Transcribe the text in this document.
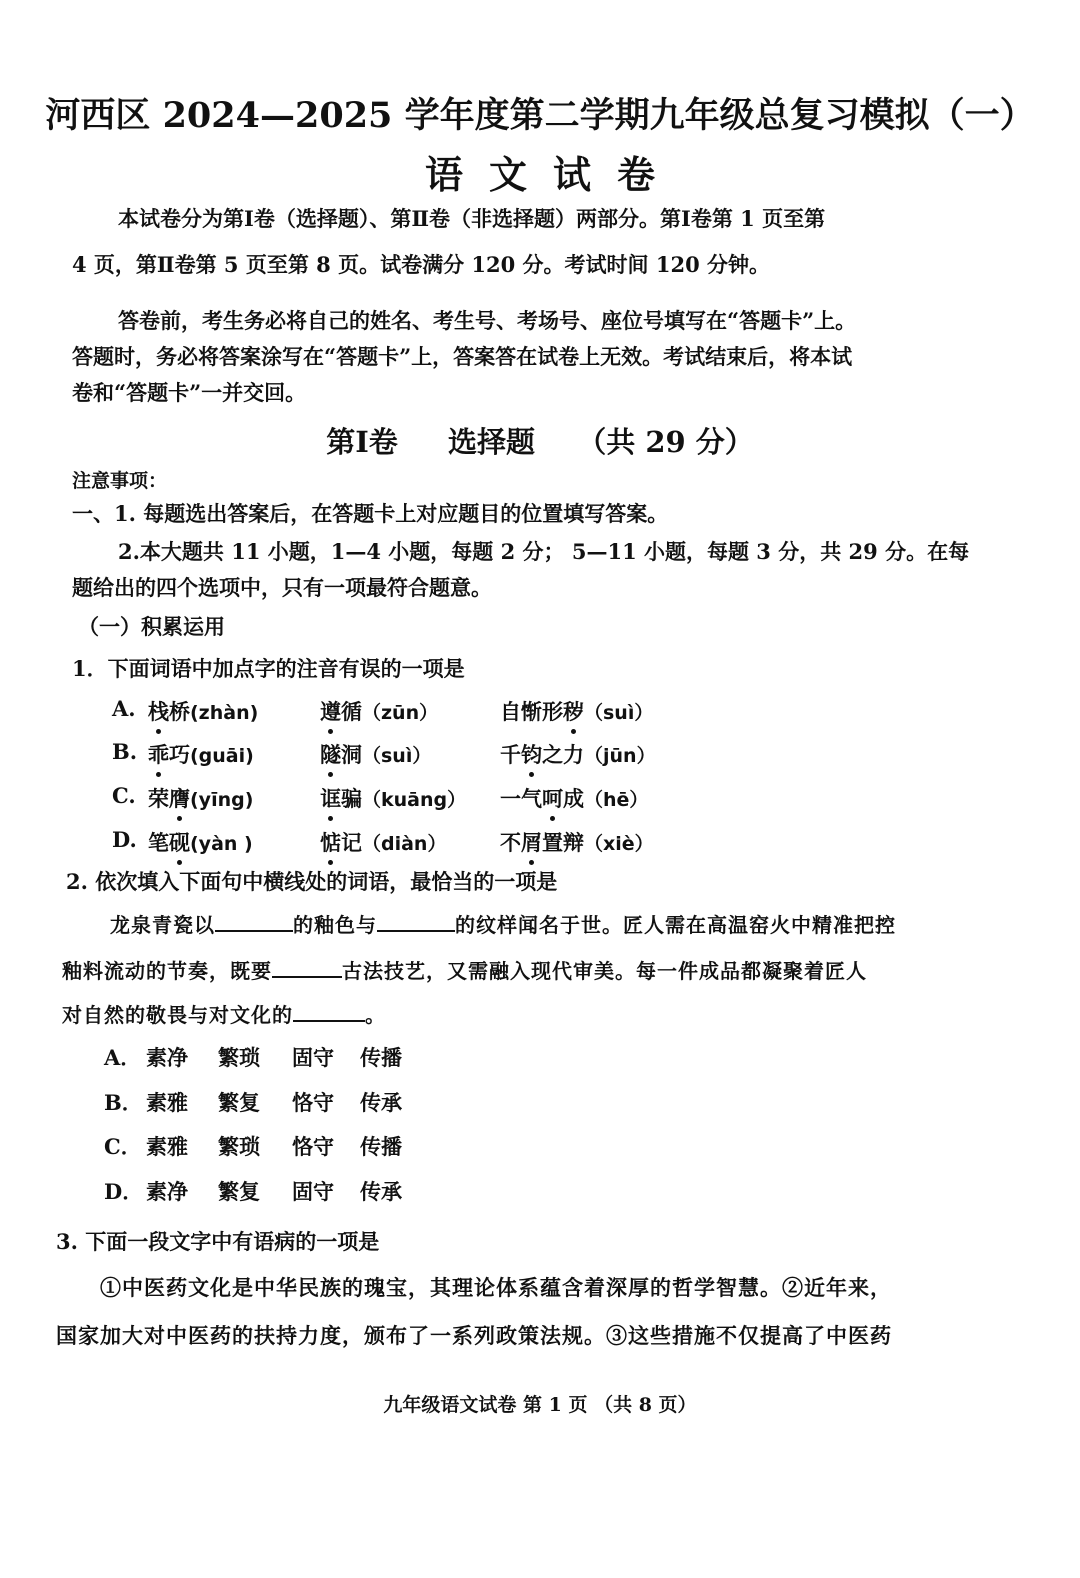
河西区 2024—2025 学年度第二学期九年级总复习模拟（一）
语文试卷
本试卷分为第Ⅰ卷（选择题）、第Ⅱ卷（非选择题）两部分。第Ⅰ卷第 1 页至第
4 页，第Ⅱ卷第 5 页至第 8 页。试卷满分 120 分。考试时间 120 分钟。
答卷前，考生务必将自己的姓名、考生号、考场号、座位号填写在“答题卡”上。
答题时，务必将答案涂写在“答题卡”上，答案答在试卷上无效。考试结束后，将本试
卷和“答题卡”一并交回。
第Ⅰ卷 选择题 （共 29 分）
注意事项：
一、1. 每题选出答案后，在答题卡上对应题目的位置填写答案。
2.本大题共 11 小题，1—4 小题，每题 2 分； 5—11 小题，每题 3 分，共 29 分。在每
题给出的四个选项中，只有一项最符合题意。
（一）积累运用
1．下面词语中加点字的注音有误的一项是
A. 栈桥(zhàn)	遵循（zūn）	自惭形秽（suì）
B. 乖巧(guāi)	隧洞（suì）	千钧之力（jūn）
C. 荣膺(yīng)	诓骗（kuāng） 一气呵成（hē）
D. 笔砚(yàn )	惦记（diàn）	不屑置辩（xiè）
2. 依次填入下面句中横线处的词语，最恰当的一项是
龙泉青瓷以	的釉色与	的纹样闻名于世。匠人需在高温窑火中精准把控
釉料流动的节奏，既要	古法技艺，又需融入现代审美。每一件成品都凝聚着匠人
对自然的敬畏与对文化的	。
A． 素净 繁琐 固守 传播
B． 素雅 繁复 恪守 传承
C． 素雅 繁琐 恪守 传播
D． 素净 繁复 固守 传承
3. 下面一段文字中有语病的一项是
①中医药文化是中华民族的瑰宝，其理论体系蕴含着深厚的哲学智慧。②近年来，
国家加大对中医药的扶持力度，颁布了一系列政策法规。③这些措施不仅提高了中医药
九年级语文试卷 第 1 页 （共 8 页）
